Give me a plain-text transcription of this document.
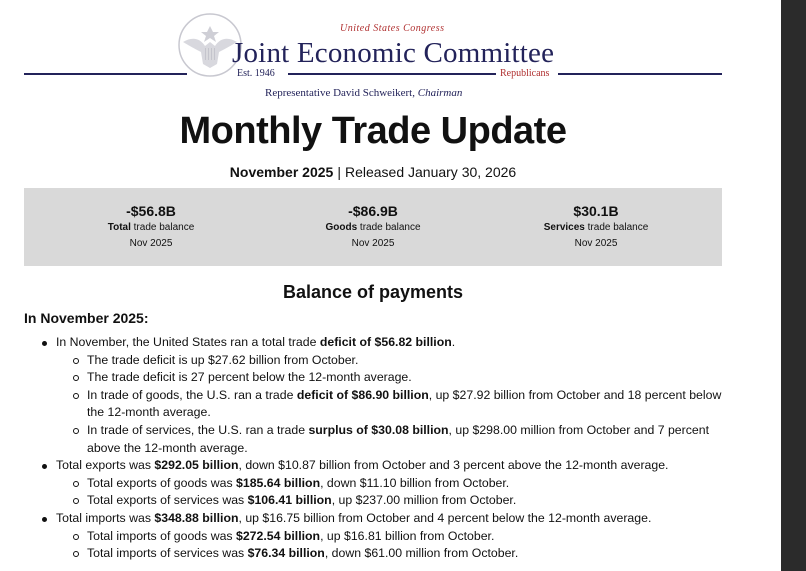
United States Congress
Joint Economic Committee
Est. 1946	Republicans
Representative David Schweikert, Chairman
Monthly Trade Update
November 2025 | Released January 30, 2026
-$56.8B
Total trade balance
Nov 2025
-$86.9B
Goods trade balance
Nov 2025
$30.1B
Services trade balance
Nov 2025
Balance of payments
In November 2025:
In November, the United States ran a total trade deficit of $56.82 billion.
The trade deficit is up $27.62 billion from October.
The trade deficit is 27 percent below the 12-month average.
In trade of goods, the U.S. ran a trade deficit of $86.90 billion, up $27.92 billion from October and 18 percent below the 12-month average.
In trade of services, the U.S. ran a trade surplus of $30.08 billion, up $298.00 million from October and 7 percent above the 12-month average.
Total exports was $292.05 billion, down $10.87 billion from October and 3 percent above the 12-month average.
Total exports of goods was $185.64 billion, down $11.10 billion from October.
Total exports of services was $106.41 billion, up $237.00 million from October.
Total imports was $348.88 billion, up $16.75 billion from October and 4 percent below the 12-month average.
Total imports of goods was $272.54 billion, up $16.81 billion from October.
Total imports of services was $76.34 billion, down $61.00 million from October.
